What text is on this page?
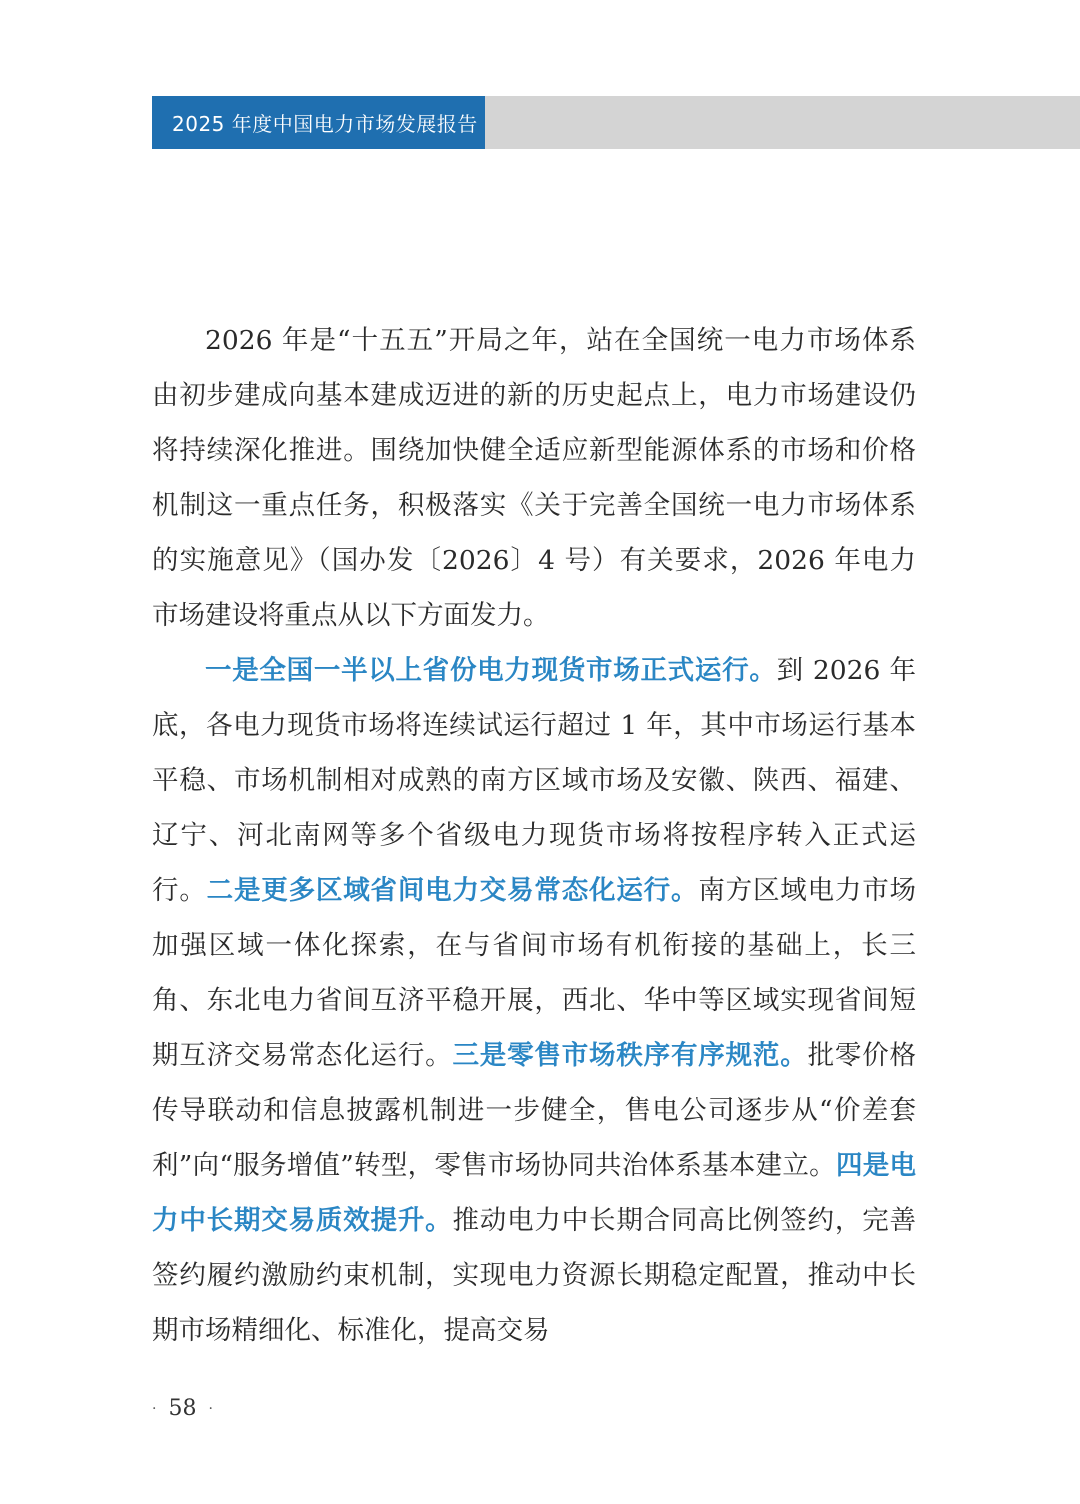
2025 年度中国电力市场发展报告

2026 年是“十五五”开局之年，站在全国统一电力市场体系由初步建成向基本建成迈进的新的历史起点上，电力市场建设仍将持续深化推进。围绕加快健全适应新型能源体系的市场和价格机制这一重点任务，积极落实《关于完善全国统一电力市场体系的实施意见》（国办发〔2026〕4 号）有关要求，2026 年电力市场建设将重点从以下方面发力。

一是全国一半以上省份电力现货市场正式运行。到 2026 年底，各电力现货市场将连续试运行超过 1 年，其中市场运行基本平稳、市场机制相对成熟的南方区域市场及安徽、陕西、福建、辽宁、河北南网等多个省级电力现货市场将按程序转入正式运行。二是更多区域省间电力交易常态化运行。南方区域电力市场加强区域一体化探索，在与省间市场有机衔接的基础上，长三角、东北电力省间互济平稳开展，西北、华中等区域实现省间短期互济交易常态化运行。三是零售市场秩序有序规范。批零价格传导联动和信息披露机制进一步健全，售电公司逐步从“价差套利”向“服务增值”转型，零售市场协同共治体系基本建立。四是电力中长期交易质效提升。推动电力中长期合同高比例签约，完善签约履约激励约束机制，实现电力资源长期稳定配置，推动中长期市场精细化、标准化，提高交易

· 58 ·
